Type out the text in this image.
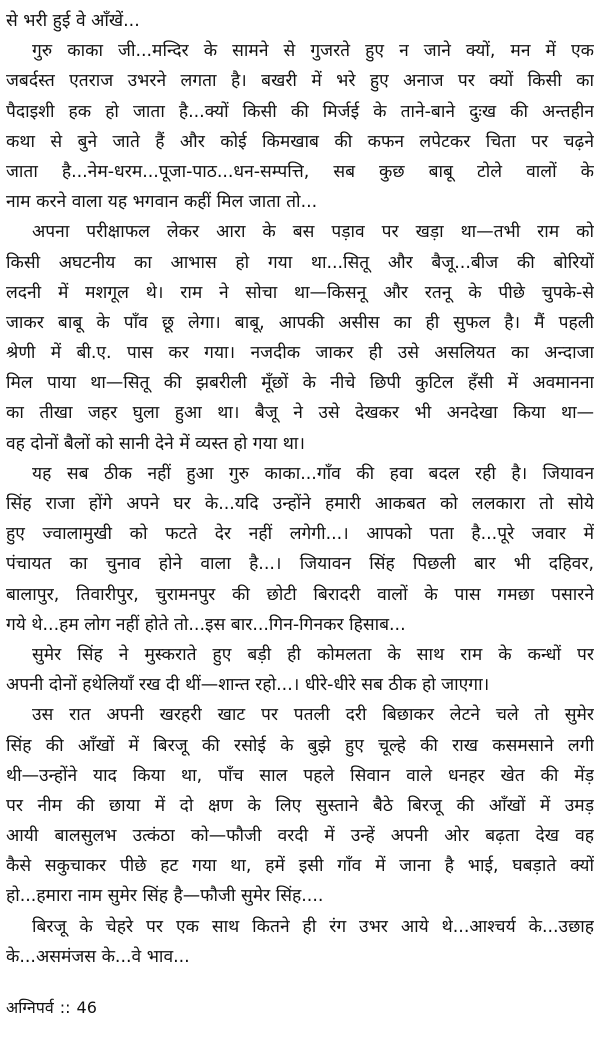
से भरी हुई वे आँखें...
गुरु काका जी...मन्दिर के सामने से गुजरते हुए न जाने क्यों, मन में एक
जबर्दस्त एतराज उभरने लगता है। बखरी में भरे हुए अनाज पर क्यों किसी का
पैदाइशी हक हो जाता है...क्यों किसी की मिर्जई के ताने-बाने दुःख की अन्तहीन
कथा से बुने जाते हैं और कोई किमखाब की कफन लपेटकर चिता पर चढ़ने
जाता है...नेम-धरम...पूजा-पाठ...धन-सम्पत्ति, सब कुछ बाबू टोले वालों के
नाम करने वाला यह भगवान कहीं मिल जाता तो...
अपना परीक्षाफल लेकर आरा के बस पड़ाव पर खड़ा था—तभी राम को
किसी अघटनीय का आभास हो गया था...सितू और बैजू...बीज की बोरियों
लदनी में मशगूल थे। राम ने सोचा था—किसनू और रतनू के पीछे चुपके-से
जाकर बाबू के पाँव छू लेगा। बाबू, आपकी असीस का ही सुफल है। मैं पहली
श्रेणी में बी.ए. पास कर गया। नजदीक जाकर ही उसे असलियत का अन्दाजा
मिल पाया था—सितू की झबरीली मूँछों के नीचे छिपी कुटिल हँसी में अवमानना
का तीखा जहर घुला हुआ था। बैजू ने उसे देखकर भी अनदेखा किया था—
वह दोनों बैलों को सानी देने में व्यस्त हो गया था।
यह सब ठीक नहीं हुआ गुरु काका...गाँव की हवा बदल रही है। जियावन
सिंह राजा होंगे अपने घर के...यदि उन्होंने हमारी आकबत को ललकारा तो सोये
हुए ज्वालामुखी को फटते देर नहीं लगेगी...। आपको पता है...पूरे जवार में
पंचायत का चुनाव होने वाला है...। जियावन सिंह पिछली बार भी दहिवर,
बालापुर, तिवारीपुर, चुरामनपुर की छोटी बिरादरी वालों के पास गमछा पसारने
गये थे...हम लोग नहीं होते तो...इस बार...गिन-गिनकर हिसाब...
सुमेर सिंह ने मुस्कराते हुए बड़ी ही कोमलता के साथ राम के कन्धों पर
अपनी दोनों हथेलियाँ रख दी थीं—शान्त रहो...। धीरे-धीरे सब ठीक हो जाएगा।
उस रात अपनी खरहरी खाट पर पतली दरी बिछाकर लेटने चले तो सुमेर
सिंह की आँखों में बिरजू की रसोई के बुझे हुए चूल्हे की राख कसमसाने लगी
थी—उन्होंने याद किया था, पाँच साल पहले सिवान वाले धनहर खेत की मेंड़
पर नीम की छाया में दो क्षण के लिए सुस्ताने बैठे बिरजू की आँखों में उमड़
आयी बालसुलभ उत्कंठा को—फौजी वरदी में उन्हें अपनी ओर बढ़ता देख वह
कैसे सकुचाकर पीछे हट गया था, हमें इसी गाँव में जाना है भाई, घबड़ाते क्यों
हो...हमारा नाम सुमेर सिंह है—फौजी सुमेर सिंह....
बिरजू के चेहरे पर एक साथ कितने ही रंग उभर आये थे...आश्चर्य के...उछाह
के...असमंजस के...वे भाव...
अग्निपर्व :: 46
